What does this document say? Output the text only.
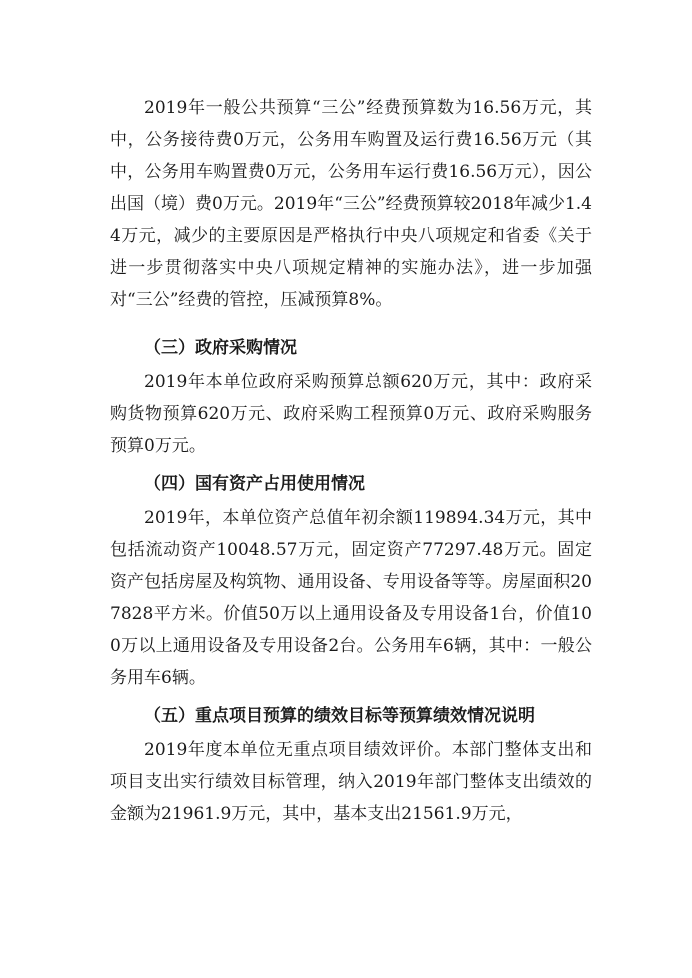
2019年一般公共预算“三公”经费预算数为16.56万元，其中，公务接待费0万元，公务用车购置及运行费16.56万元（其中，公务用车购置费0万元，公务用车运行费16.56万元），因公出国（境）费0万元。2019年“三公”经费预算较2018年减少1.44万元，减少的主要原因是严格执行中央八项规定和省委《关于进一步贯彻落实中央八项规定精神的实施办法》，进一步加强对“三公”经费的管控，压减预算8%。

（三）政府采购情况

2019年本单位政府采购预算总额620万元，其中：政府采购货物预算620万元、政府采购工程预算0万元、政府采购服务预算0万元。

（四）国有资产占用使用情况

2019年，本单位资产总值年初余额119894.34万元，其中包括流动资产10048.57万元，固定资产77297.48万元。固定资产包括房屋及构筑物、通用设备、专用设备等等。房屋面积207828平方米。价值50万以上通用设备及专用设备1台，价值100万以上通用设备及专用设备2台。公务用车6辆，其中：一般公务用车6辆。

（五）重点项目预算的绩效目标等预算绩效情况说明

2019年度本单位无重点项目绩效评价。本部门整体支出和项目支出实行绩效目标管理，纳入2019年部门整体支出绩效的金额为21961.9万元，其中，基本支出21561.9万元，
